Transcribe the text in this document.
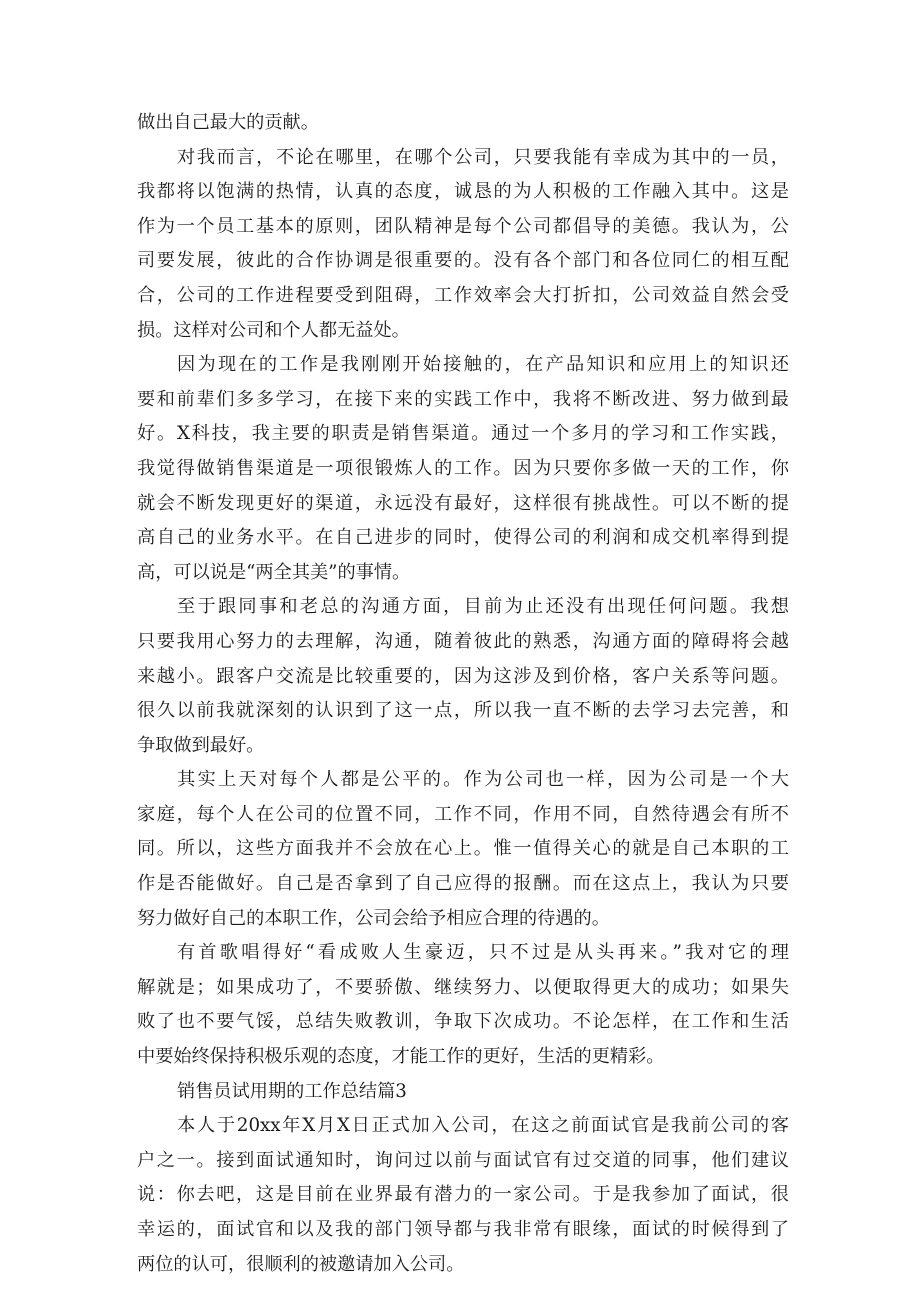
做出自己最大的贡献。
对我而言，不论在哪里，在哪个公司，只要我能有幸成为其中的一员，
我都将以饱满的热情，认真的态度，诚恳的为人积极的工作融入其中。这是
作为一个员工基本的原则，团队精神是每个公司都倡导的美德。我认为，公
司要发展，彼此的合作协调是很重要的。没有各个部门和各位同仁的相互配
合，公司的工作进程要受到阻碍，工作效率会大打折扣，公司效益自然会受
损。这样对公司和个人都无益处。
因为现在的工作是我刚刚开始接触的，在产品知识和应用上的知识还
要和前辈们多多学习，在接下来的实践工作中，我将不断改进、努力做到最
好。X科技，我主要的职责是销售渠道。通过一个多月的学习和工作实践，
我觉得做销售渠道是一项很锻炼人的工作。因为只要你多做一天的工作，你
就会不断发现更好的渠道，永远没有最好，这样很有挑战性。可以不断的提
高自己的业务水平。在自己进步的同时，使得公司的利润和成交机率得到提
高，可以说是“两全其美”的事情。
至于跟同事和老总的沟通方面，目前为止还没有出现任何问题。我想
只要我用心努力的去理解，沟通，随着彼此的熟悉，沟通方面的障碍将会越
来越小。跟客户交流是比较重要的，因为这涉及到价格，客户关系等问题。
很久以前我就深刻的认识到了这一点，所以我一直不断的去学习去完善，和
争取做到最好。
其实上天对每个人都是公平的。作为公司也一样，因为公司是一个大
家庭，每个人在公司的位置不同，工作不同，作用不同，自然待遇会有所不
同。所以，这些方面我并不会放在心上。惟一值得关心的就是自己本职的工
作是否能做好。自己是否拿到了自己应得的报酬。而在这点上，我认为只要
努力做好自己的本职工作，公司会给予相应合理的待遇的。
有首歌唱得好“看成败人生豪迈，只不过是从头再来。”我对它的理
解就是；如果成功了，不要骄傲、继续努力、以便取得更大的成功；如果失
败了也不要气馁，总结失败教训，争取下次成功。不论怎样，在工作和生活
中要始终保持积极乐观的态度，才能工作的更好，生活的更精彩。
销售员试用期的工作总结篇3
本人于20xx年X月X日正式加入公司，在这之前面试官是我前公司的客
户之一。接到面试通知时，询问过以前与面试官有过交道的同事，他们建议
说：你去吧，这是目前在业界最有潜力的一家公司。于是我参加了面试，很
幸运的，面试官和以及我的部门领导都与我非常有眼缘，面试的时候得到了
两位的认可，很顺利的被邀请加入公司。
